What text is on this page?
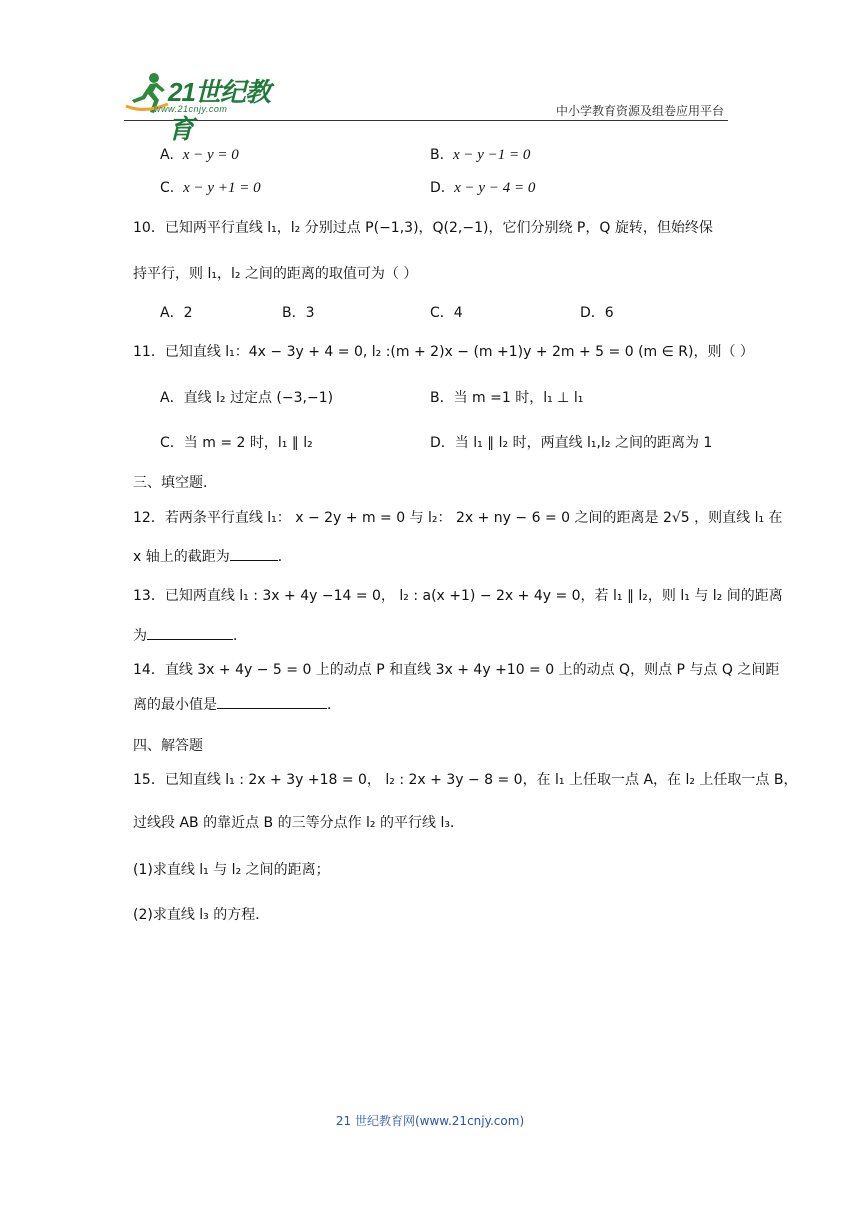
21世纪教育
www.21cnjy.com	中小学教育资源及组卷应用平台
A. x − y = 0	B. x − y −1 = 0
C. x − y +1 = 0	D. x − y − 4 = 0
10．已知两平行直线 l₁，l₂ 分别过点 P(−1,3)，Q(2,−1)，它们分别绕 P，Q 旋转，但始终保
持平行，则 l₁，l₂ 之间的距离的取值可为（ ）
A．2	B．3	C．4	D．6
11．已知直线 l₁：4x − 3y + 4 = 0, l₂ :(m + 2)x − (m +1)y + 2m + 5 = 0 (m ∈ R)，则（ ）
A．直线 l₂ 过定点 (−3,−1)	B．当 m =1 时，l₁ ⊥ l₁
C．当 m = 2 时，l₁ ∥ l₂	D．当 l₁ ∥ l₂ 时，两直线 l₁,l₂ 之间的距离为 1
三、填空题．
12．若两条平行直线 l₁： x − 2y + m = 0 与 l₂： 2x + ny − 6 = 0 之间的距离是 2√5 ，则直线 l₁ 在
x 轴上的截距为	．
13．已知两直线 l₁ : 3x + 4y −14 = 0， l₂ : a(x +1) − 2x + 4y = 0，若 l₁ ∥ l₂，则 l₁ 与 l₂ 间的距离
为	．
14．直线 3x + 4y − 5 = 0 上的动点 P 和直线 3x + 4y +10 = 0 上的动点 Q，则点 P 与点 Q 之间距
离的最小值是	．
四、解答题
15．已知直线 l₁ : 2x + 3y +18 = 0， l₂ : 2x + 3y − 8 = 0，在 l₁ 上任取一点 A，在 l₂ 上任取一点 B，
过线段 AB 的靠近点 B 的三等分点作 l₂ 的平行线 l₃．
(1)求直线 l₁ 与 l₂ 之间的距离；
(2)求直线 l₃ 的方程．
21 世纪教育网(www.21cnjy.com)
